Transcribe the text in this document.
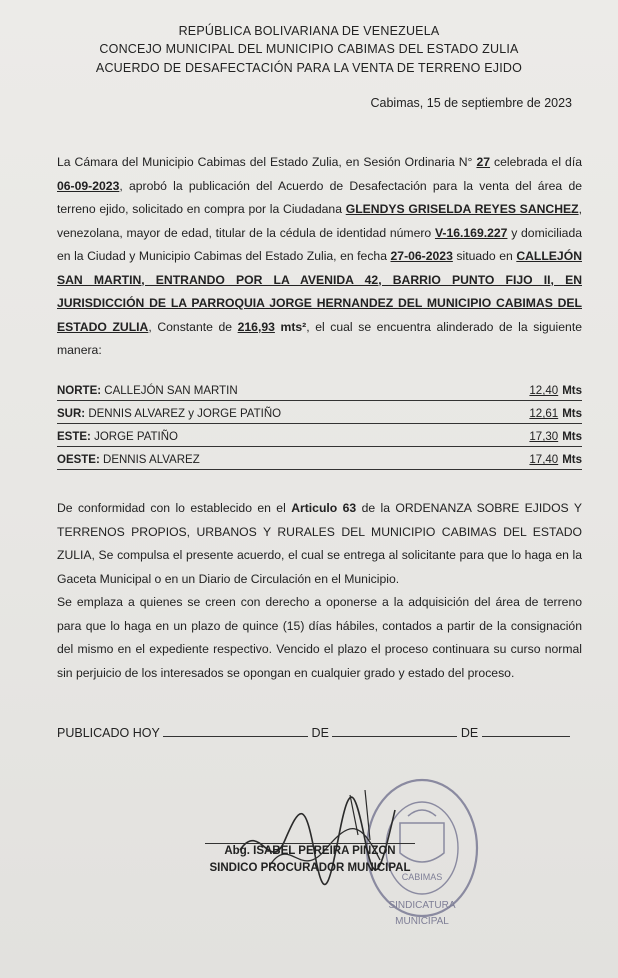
REPÚBLICA BOLIVARIANA DE VENEZUELA
CONCEJO MUNICIPAL DEL MUNICIPIO CABIMAS DEL ESTADO ZULIA
ACUERDO DE DESAFECTACIÓN PARA LA VENTA DE TERRENO EJIDO
Cabimas, 15 de septiembre de 2023
La Cámara del Municipio Cabimas del Estado Zulia, en Sesión Ordinaria N° 27 celebrada el día 06-09-2023, aprobó la publicación del Acuerdo de Desafectación para la venta del área de terreno ejido, solicitado en compra por la Ciudadana GLENDYS GRISELDA REYES SANCHEZ, venezolana, mayor de edad, titular de la cédula de identidad número V-16.169.227 y domiciliada en la Ciudad y Municipio Cabimas del Estado Zulia, en fecha 27-06-2023 situado en CALLEJÓN SAN MARTIN, ENTRANDO POR LA AVENIDA 42, BARRIO PUNTO FIJO II, EN JURISDICCIÓN DE LA PARROQUIA JORGE HERNANDEZ DEL MUNICIPIO CABIMAS DEL ESTADO ZULIA, Constante de 216,93 mts², el cual se encuentra alinderado de la siguiente manera:
NORTE: CALLEJÓN SAN MARTIN	12,40 Mts
SUR: DENNIS ALVAREZ y JORGE PATIÑO	12,61 Mts
ESTE: JORGE PATIÑO	17,30 Mts
OESTE: DENNIS ALVAREZ	17,40 Mts
De conformidad con lo establecido en el Articulo 63 de la ORDENANZA SOBRE EJIDOS Y TERRENOS PROPIOS, URBANOS Y RURALES DEL MUNICIPIO CABIMAS DEL ESTADO ZULIA, Se compulsa el presente acuerdo, el cual se entrega al solicitante para que lo haga en la Gaceta Municipal o en un Diario de Circulación en el Municipio.
Se emplaza a quienes se creen con derecho a oponerse a la adquisición del área de terreno para que lo haga en un plazo de quince (15) días hábiles, contados a partir de la consignación del mismo en el expediente respectivo. Vencido el plazo el proceso continuara su curso normal sin perjuicio de los interesados se opongan en cualquier grado y estado del proceso.
PUBLICADO HOY	DE	DE
CABIMAS
SINDICATURA
MUNICIPAL
Abg. ISABEL PEREIRA PINZON
SINDICO PROCURADOR MUNICIPAL
